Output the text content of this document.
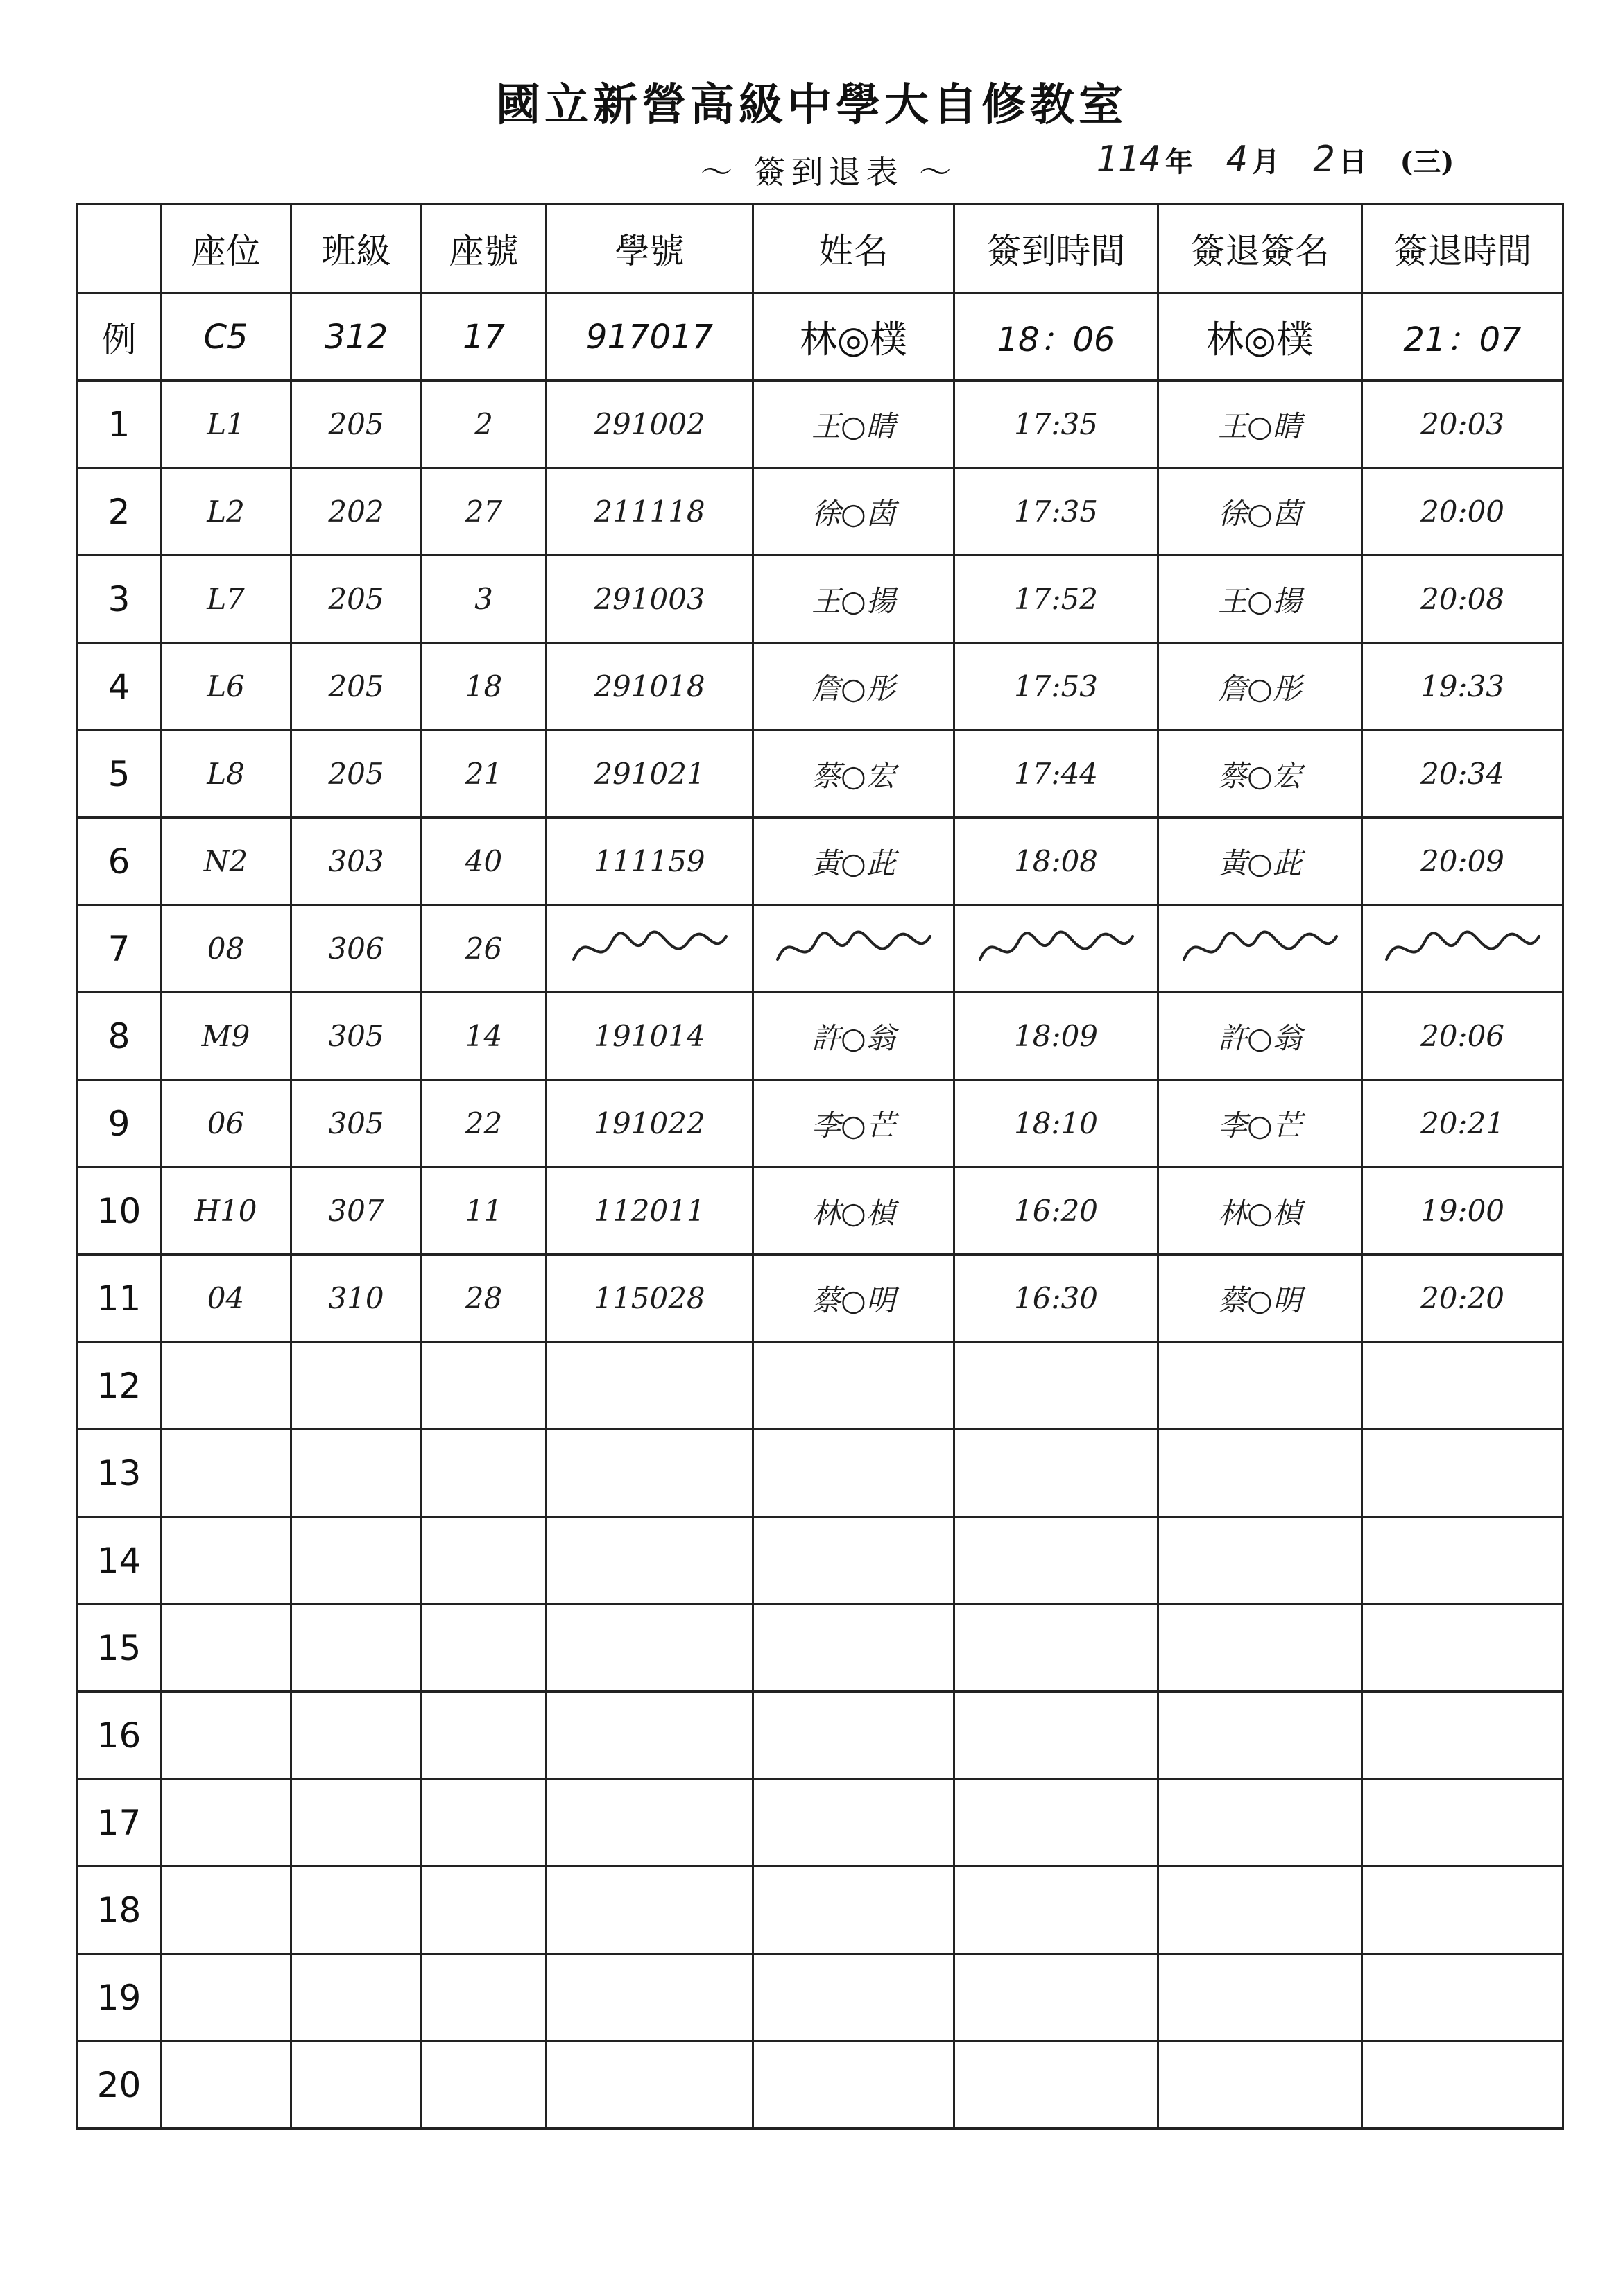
國立新營高級中學大自修教室
～ 簽到退表 ～	114 年 4 月 2 日 (三)
	座位	班級	座號	學號	姓名	簽到時間	簽退簽名	簽退時間
例	C5	312	17	917017	林◎樸	18：06	林◎樸	21：07
1	L1	205	2	291002	王○睛	17:35	王○睛	20:03
2	L2	202	27	211118	徐○茵	17:35	徐○茵	20:00
3	L7	205	3	291003	王○揚	17:52	王○揚	20:08
4	L6	205	18	291018	詹○彤	17:53	詹○彤	19:33
5	L8	205	21	291021	蔡○宏	17:44	蔡○宏	20:34
6	N2	303	40	111159	黃○茈	18:08	黃○茈	20:09
7	08	306	26	

8	M9	305	14	191014	許○翁	18:09	許○翁	20:06
9	06	305	22	191022	李○芒	18:10	李○芒	20:21
10	H10	307	11	112011	林○楨	16:20	林○楨	19:00
11	04	310	28	115028	蔡○明	16:30	蔡○明	20:20
12								
13								
14								
15								
16								
17								
18								
19								
20								
